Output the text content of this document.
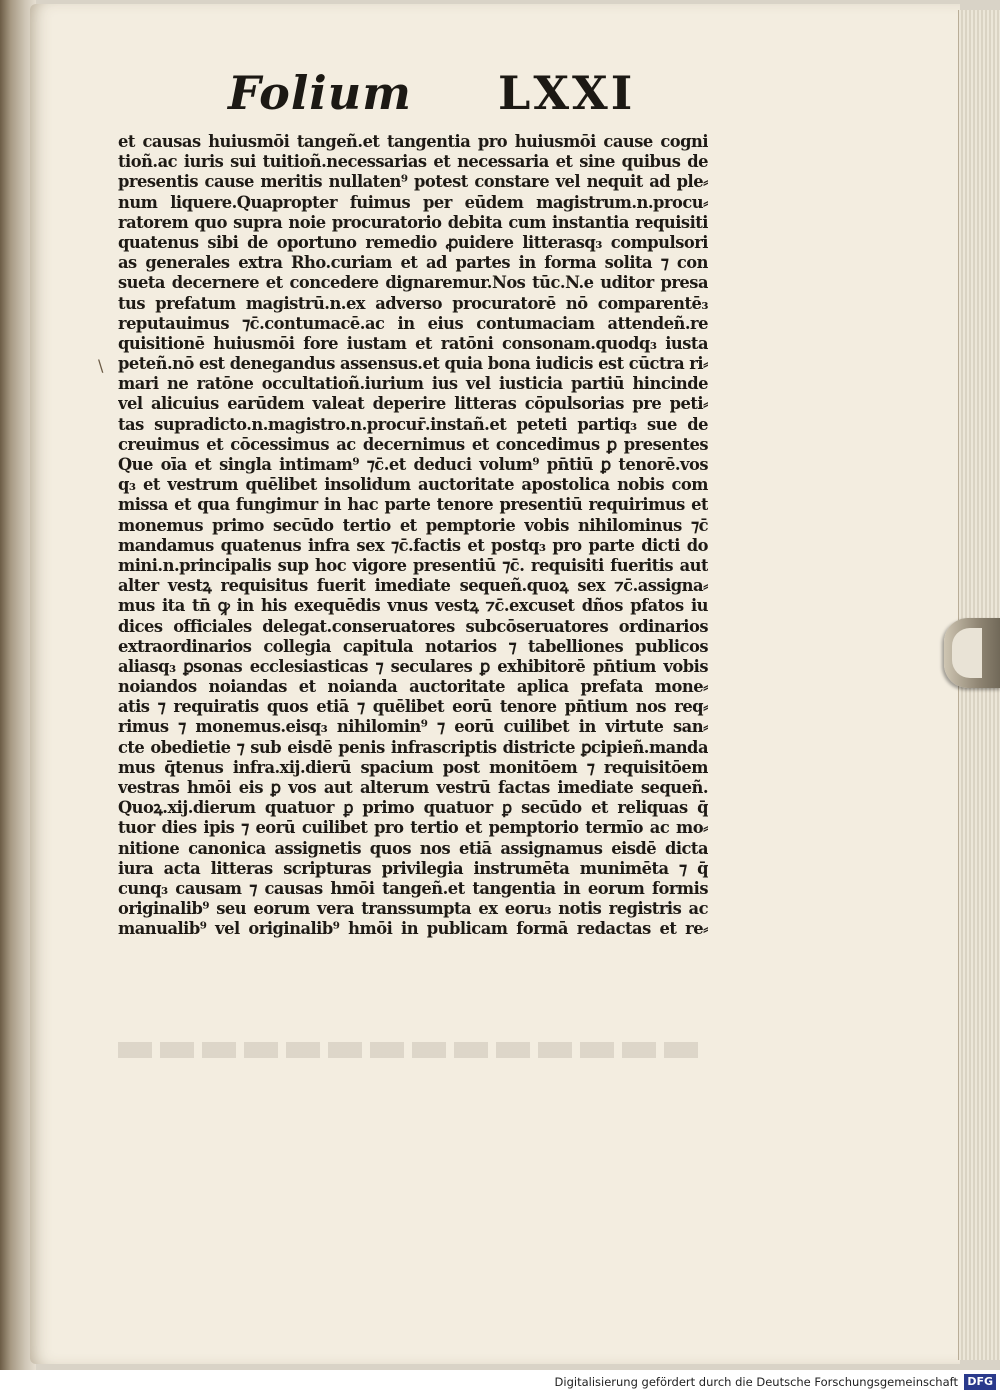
\
Folium LXXI
et causas huiusmōi tangeñ.et tangentia pro huiusmōi cause cogni
tioñ.ac iuris sui tuitioñ.necessarias et necessaria et sine quibus de
presentis cause meritis nullaten⁹ potest constare vel nequit ad ple⸗
num liquere.Quapropter fuimus per eūdem magistrum.n.procu⸗
ratorem quo supra noie procuratorio debita cum instantia requisiti
quatenus sibi de oportuno remedio ꝓuidere litterasq₃ compulsori
as generales extra Rho.curiam et ad partes in forma solita ⁊ con
sueta decernere et concedere dignaremur.Nos tūc.N.e uditor presa
tus prefatum magistrū.n.ex adverso procuratorē nō comparentē₃
reputauimus ⁊c̄.contumacē.ac in eius contumaciam attendeñ.re
quisitionē huiusmōi fore iustam et ratōni consonam.quodq₃ iusta
peteñ.nō est denegandus assensus.et quia bona iudicis est cūctra ri⸗
mari ne ratōne occultatioñ.iurium ius vel iusticia partiū hincinde
vel alicuius earūdem valeat deperire litteras cōpulsorias pre peti⸗
tas supradicto.n.magistro.n.procur̄.instañ.et peteti partiq₃ sue de
creuimus et cōcessimus ac decernimus et concedimus ꝑ presentes
Que oīa et singla intimam⁹ ⁊c̄.et deduci volum⁹ pn̄tiū ꝑ tenorē.vos
q₃ et vestrum quēlibet insolidum auctoritate apostolica nobis com
missa et qua fungimur in hac parte tenore presentiū requirimus et
monemus primo secūdo tertio et pemptorie vobis nihilominus ⁊c̄
mandamus quatenus infra sex ⁊c̄.factis et postq₃ pro parte dicti do
mini.n.principalis sup hoc vigore presentiū ⁊c̄. requisiti fueritis aut
alter vestꝝ requisitus fuerit imediate sequeñ.quoꝝ sex ⁊c̄.assigna⸗
mus ita tn̄ ꝙ in his exequēdis vnus vestꝝ ⁊c̄.excuset dños pfatos iu
dices officiales delegat.conseruatores subcōseruatores ordinarios
extraordinarios collegia capitula notarios ⁊ tabelliones publicos
aliasq₃ ꝑsonas ecclesiasticas ⁊ seculares ꝑ exhibitorē pn̄tium vobis
noiandos noiandas et noianda auctoritate aplica prefata mone⸗
atis ⁊ requiratis quos etiā ⁊ quēlibet eorū tenore pn̄tium nos req⸗
rimus ⁊ monemus.eisq₃ nihilomin⁹ ⁊ eorū cuilibet in virtute san⸗
cte obedietie ⁊ sub eisdē penis infrascriptis districte ꝑcipieñ.manda
mus q̄tenus infra.xij.dierū spacium post monitōem ⁊ requisitōem
vestras hmōi eis ꝑ vos aut alterum vestrū factas imediate sequeñ.
Quoꝝ.xij.dierum quatuor ꝑ primo quatuor ꝑ secūdo et reliquas q̄
tuor dies ipis ⁊ eorū cuilibet pro tertio et pemptorio termīo ac mo⸗
nitione canonica assignetis quos nos etiā assignamus eisdē dicta
iura acta litteras scripturas privilegia instrumēta munimēta ⁊ q̄
cunq₃ causam ⁊ causas hmōi tangeñ.et tangentia in eorum formis
originalib⁹ seu eorum vera transsumpta ex eoru₃ notis registris ac
manualib⁹ vel originalib⁹ hmōi in publicam formā redactas et re⸗
Digitalisierung gefördert durch die Deutsche Forschungsgemeinschaft DFG
